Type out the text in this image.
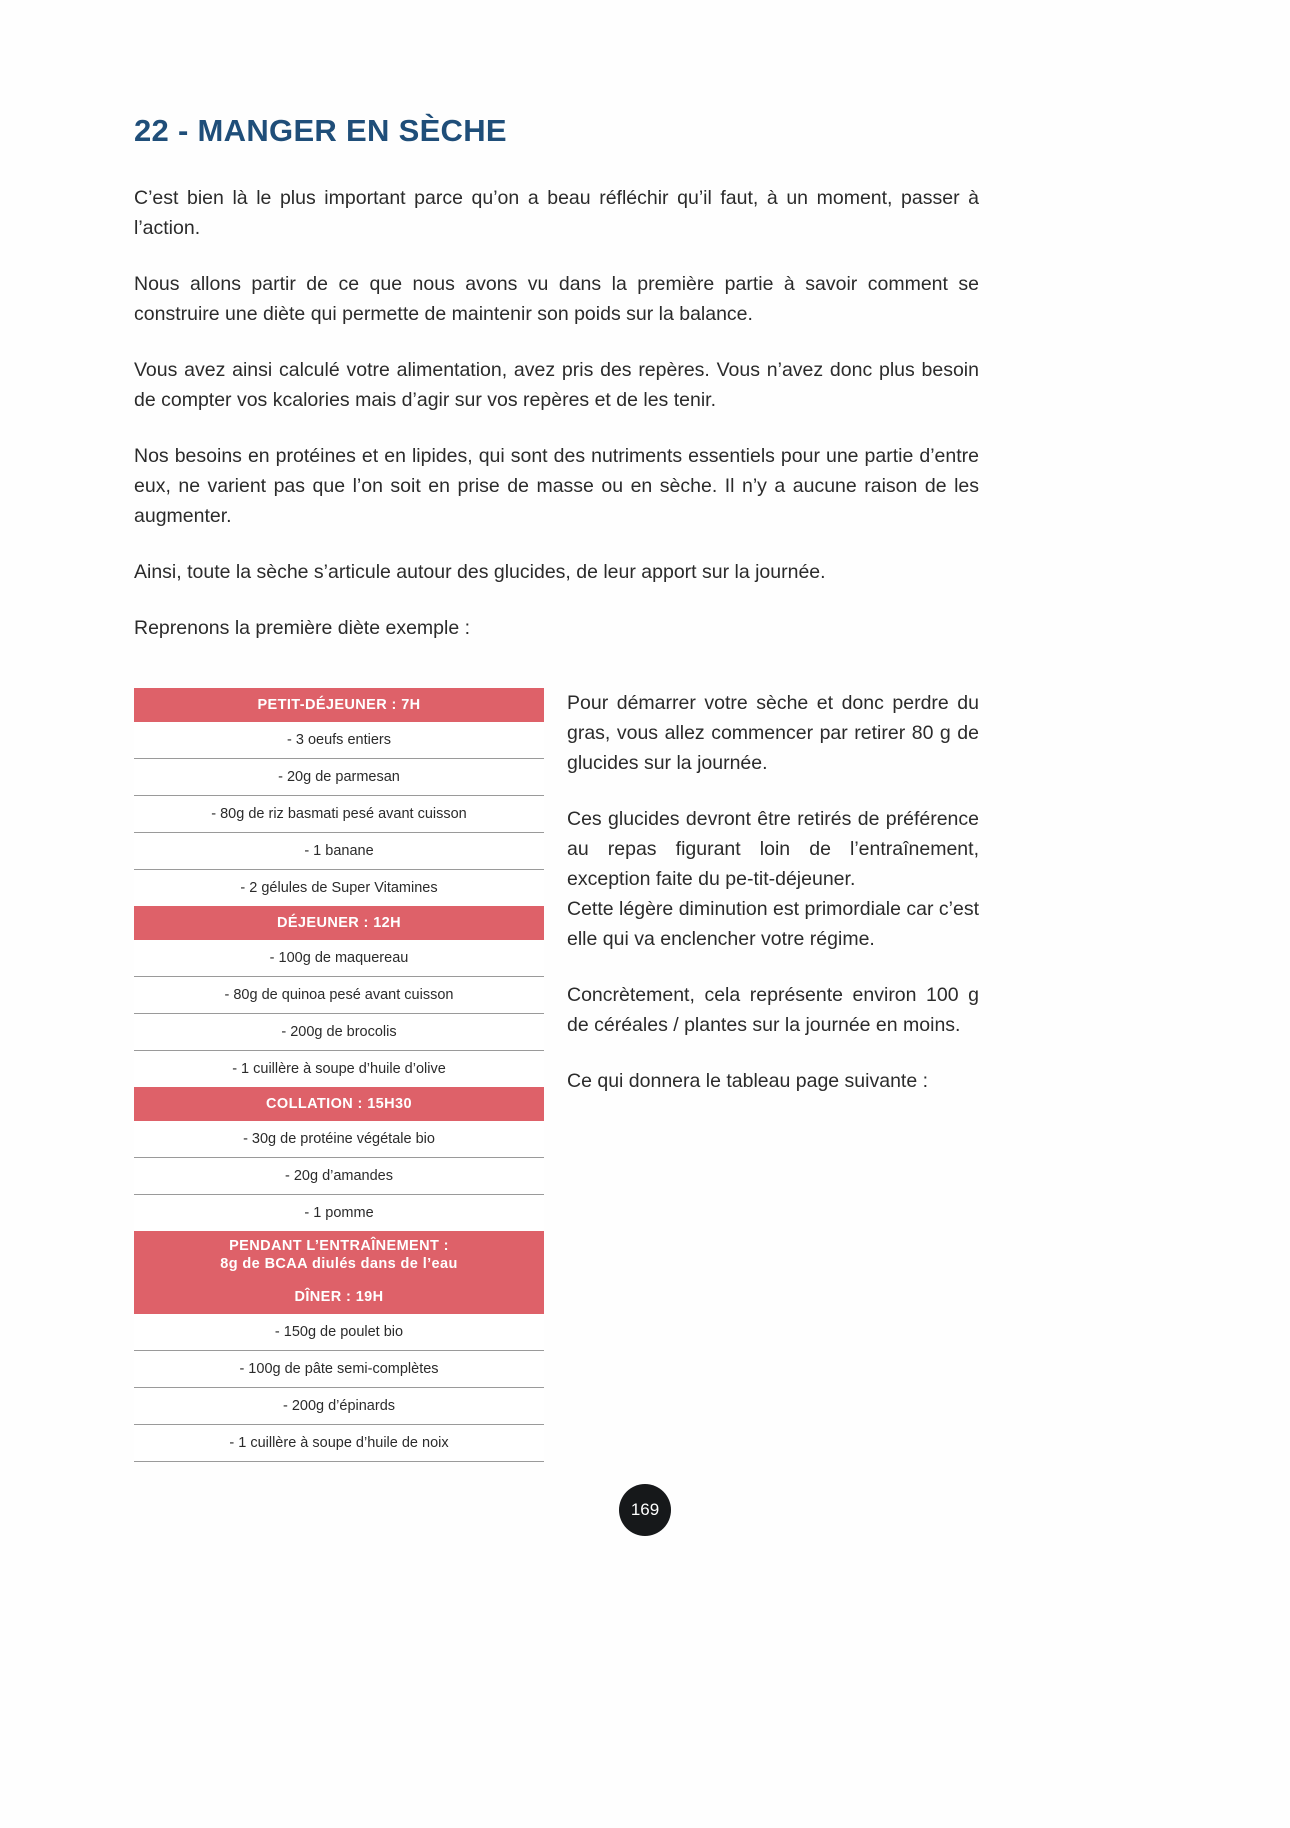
22 - MANGER EN SÈCHE

C’est bien là le plus important parce qu’on a beau réfléchir qu’il faut, à un moment, passer à l’action.

Nous allons partir de ce que nous avons vu dans la première partie à savoir comment se construire une diète qui permette de maintenir son poids sur la balance.

Vous avez ainsi calculé votre alimentation, avez pris des repères. Vous n’avez donc plus besoin de compter vos kcalories mais d’agir sur vos repères et de les tenir.

Nos besoins en protéines et en lipides, qui sont des nutriments essentiels pour une partie d’entre eux, ne varient pas que l’on soit en prise de masse ou en sèche. Il n’y a aucune raison de les augmenter.

Ainsi, toute la sèche s’articule autour des glucides, de leur apport sur la journée.

Reprenons la première diète exemple :

PETIT-DÉJEUNER : 7H
- 3 oeufs entiers
- 20g de parmesan
- 80g de riz basmati pesé avant cuisson
- 1 banane
- 2 gélules de Super Vitamines
DÉJEUNER : 12H
- 100g de maquereau
- 80g de quinoa pesé avant cuisson
- 200g de brocolis
- 1 cuillère à soupe d’huile d’olive
COLLATION : 15H30
- 30g de protéine végétale bio
- 20g d’amandes
- 1 pomme
PENDANT L’ENTRAÎNEMENT :
8g de BCAA diulés dans de l’eau
DÎNER : 19H
- 150g de poulet bio
- 100g de pâte semi-complètes
- 200g d’épinards
- 1 cuillère à soupe d’huile de noix

Pour démarrer votre sèche et donc perdre du gras, vous allez commencer par retirer 80 g de glucides sur la journée.

Ces glucides devront être retirés de préférence au repas figurant loin de l’entraînement, exception faite du pe-tit-déjeuner.

Cette légère diminution est primordiale car c’est elle qui va enclencher votre régime.

Concrètement, cela représente environ 100 g de céréales / plantes sur la journée en moins.

Ce qui donnera le tableau page suivante :

169
